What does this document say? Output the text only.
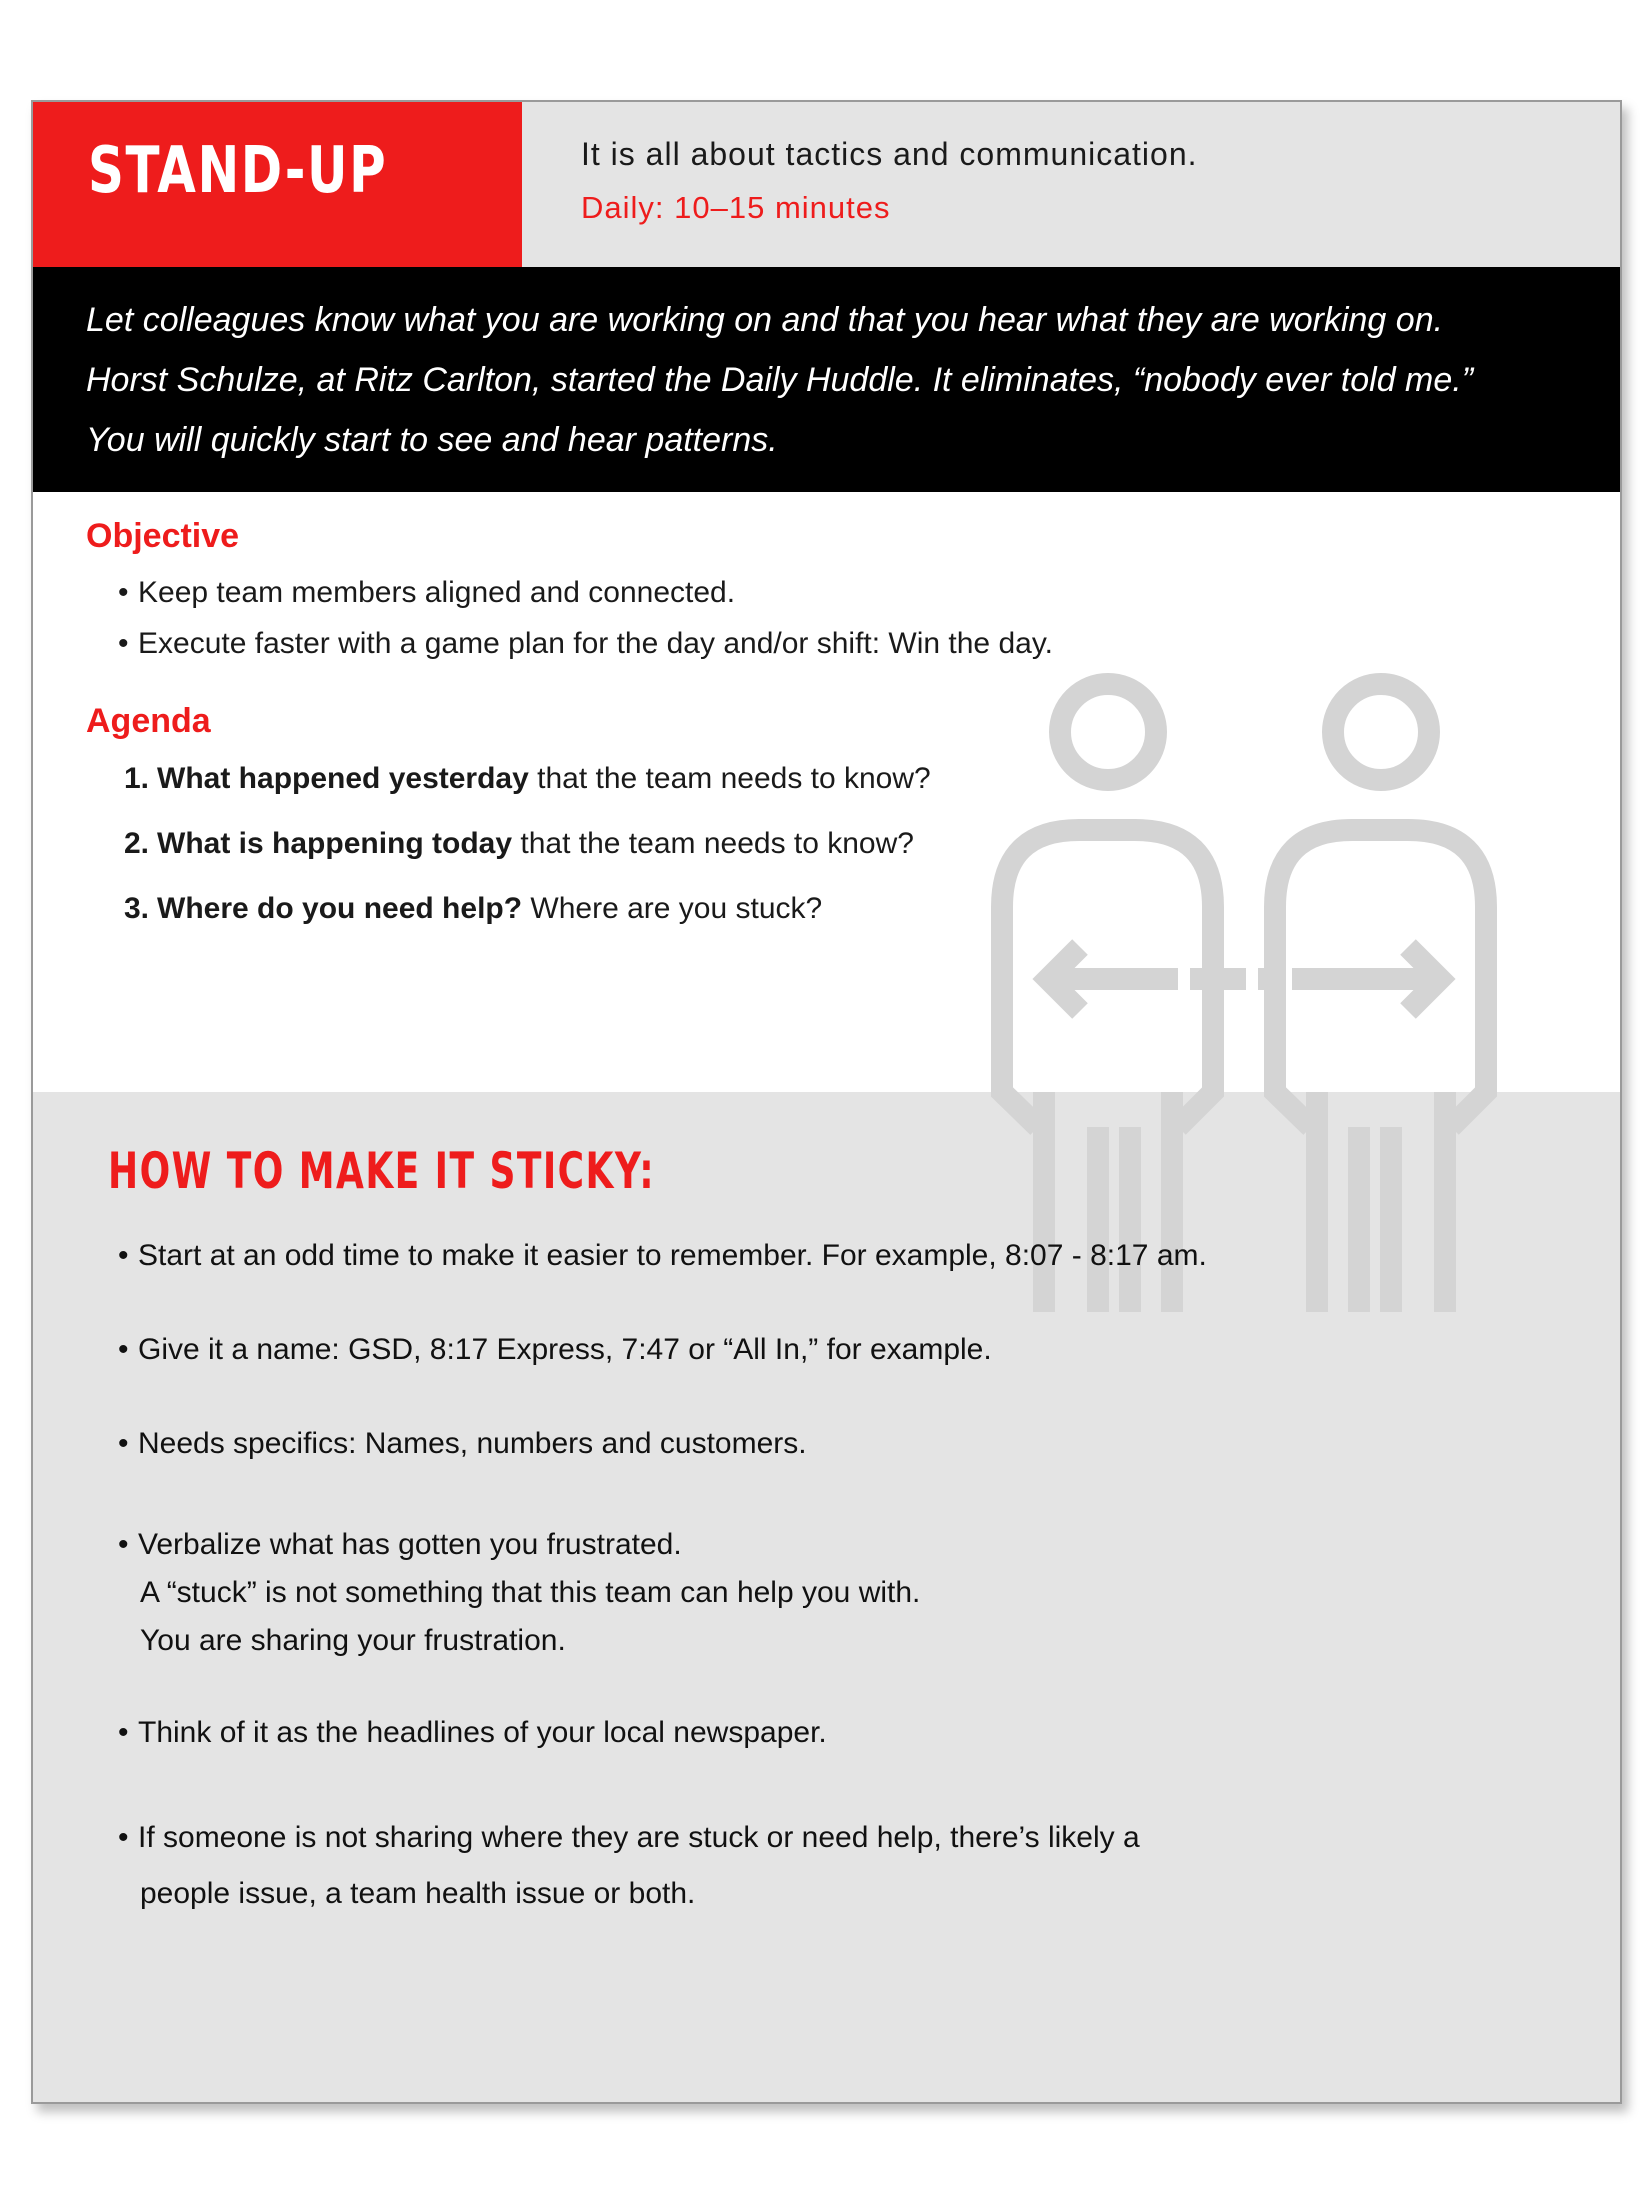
STAND-UP	It is all about tactics and communication.
Daily: 10–15 minutes
Let colleagues know what you are working on and that you hear what they are working on.
Horst Schulze, at Ritz Carlton, started the Daily Huddle. It eliminates, “nobody ever told me.”
You will quickly start to see and hear patterns.
Objective
• Keep team members aligned and connected.
• Execute faster with a game plan for the day and/or shift: Win the day.
Agenda
1. What happened yesterday that the team needs to know?
2. What is happening today that the team needs to know?
3. Where do you need help? Where are you stuck?
HOW TO MAKE IT STICKY:
• Start at an odd time to make it easier to remember. For example, 8:07 - 8:17 am.
• Give it a name: GSD, 8:17 Express, 7:47 or “All In,” for example.
• Needs specifics: Names, numbers and customers.
• Verbalize what has gotten you frustrated.
A “stuck” is not something that this team can help you with.
You are sharing your frustration.
• Think of it as the headlines of your local newspaper.
• If someone is not sharing where they are stuck or need help, there’s likely a
people issue, a team health issue or both.
